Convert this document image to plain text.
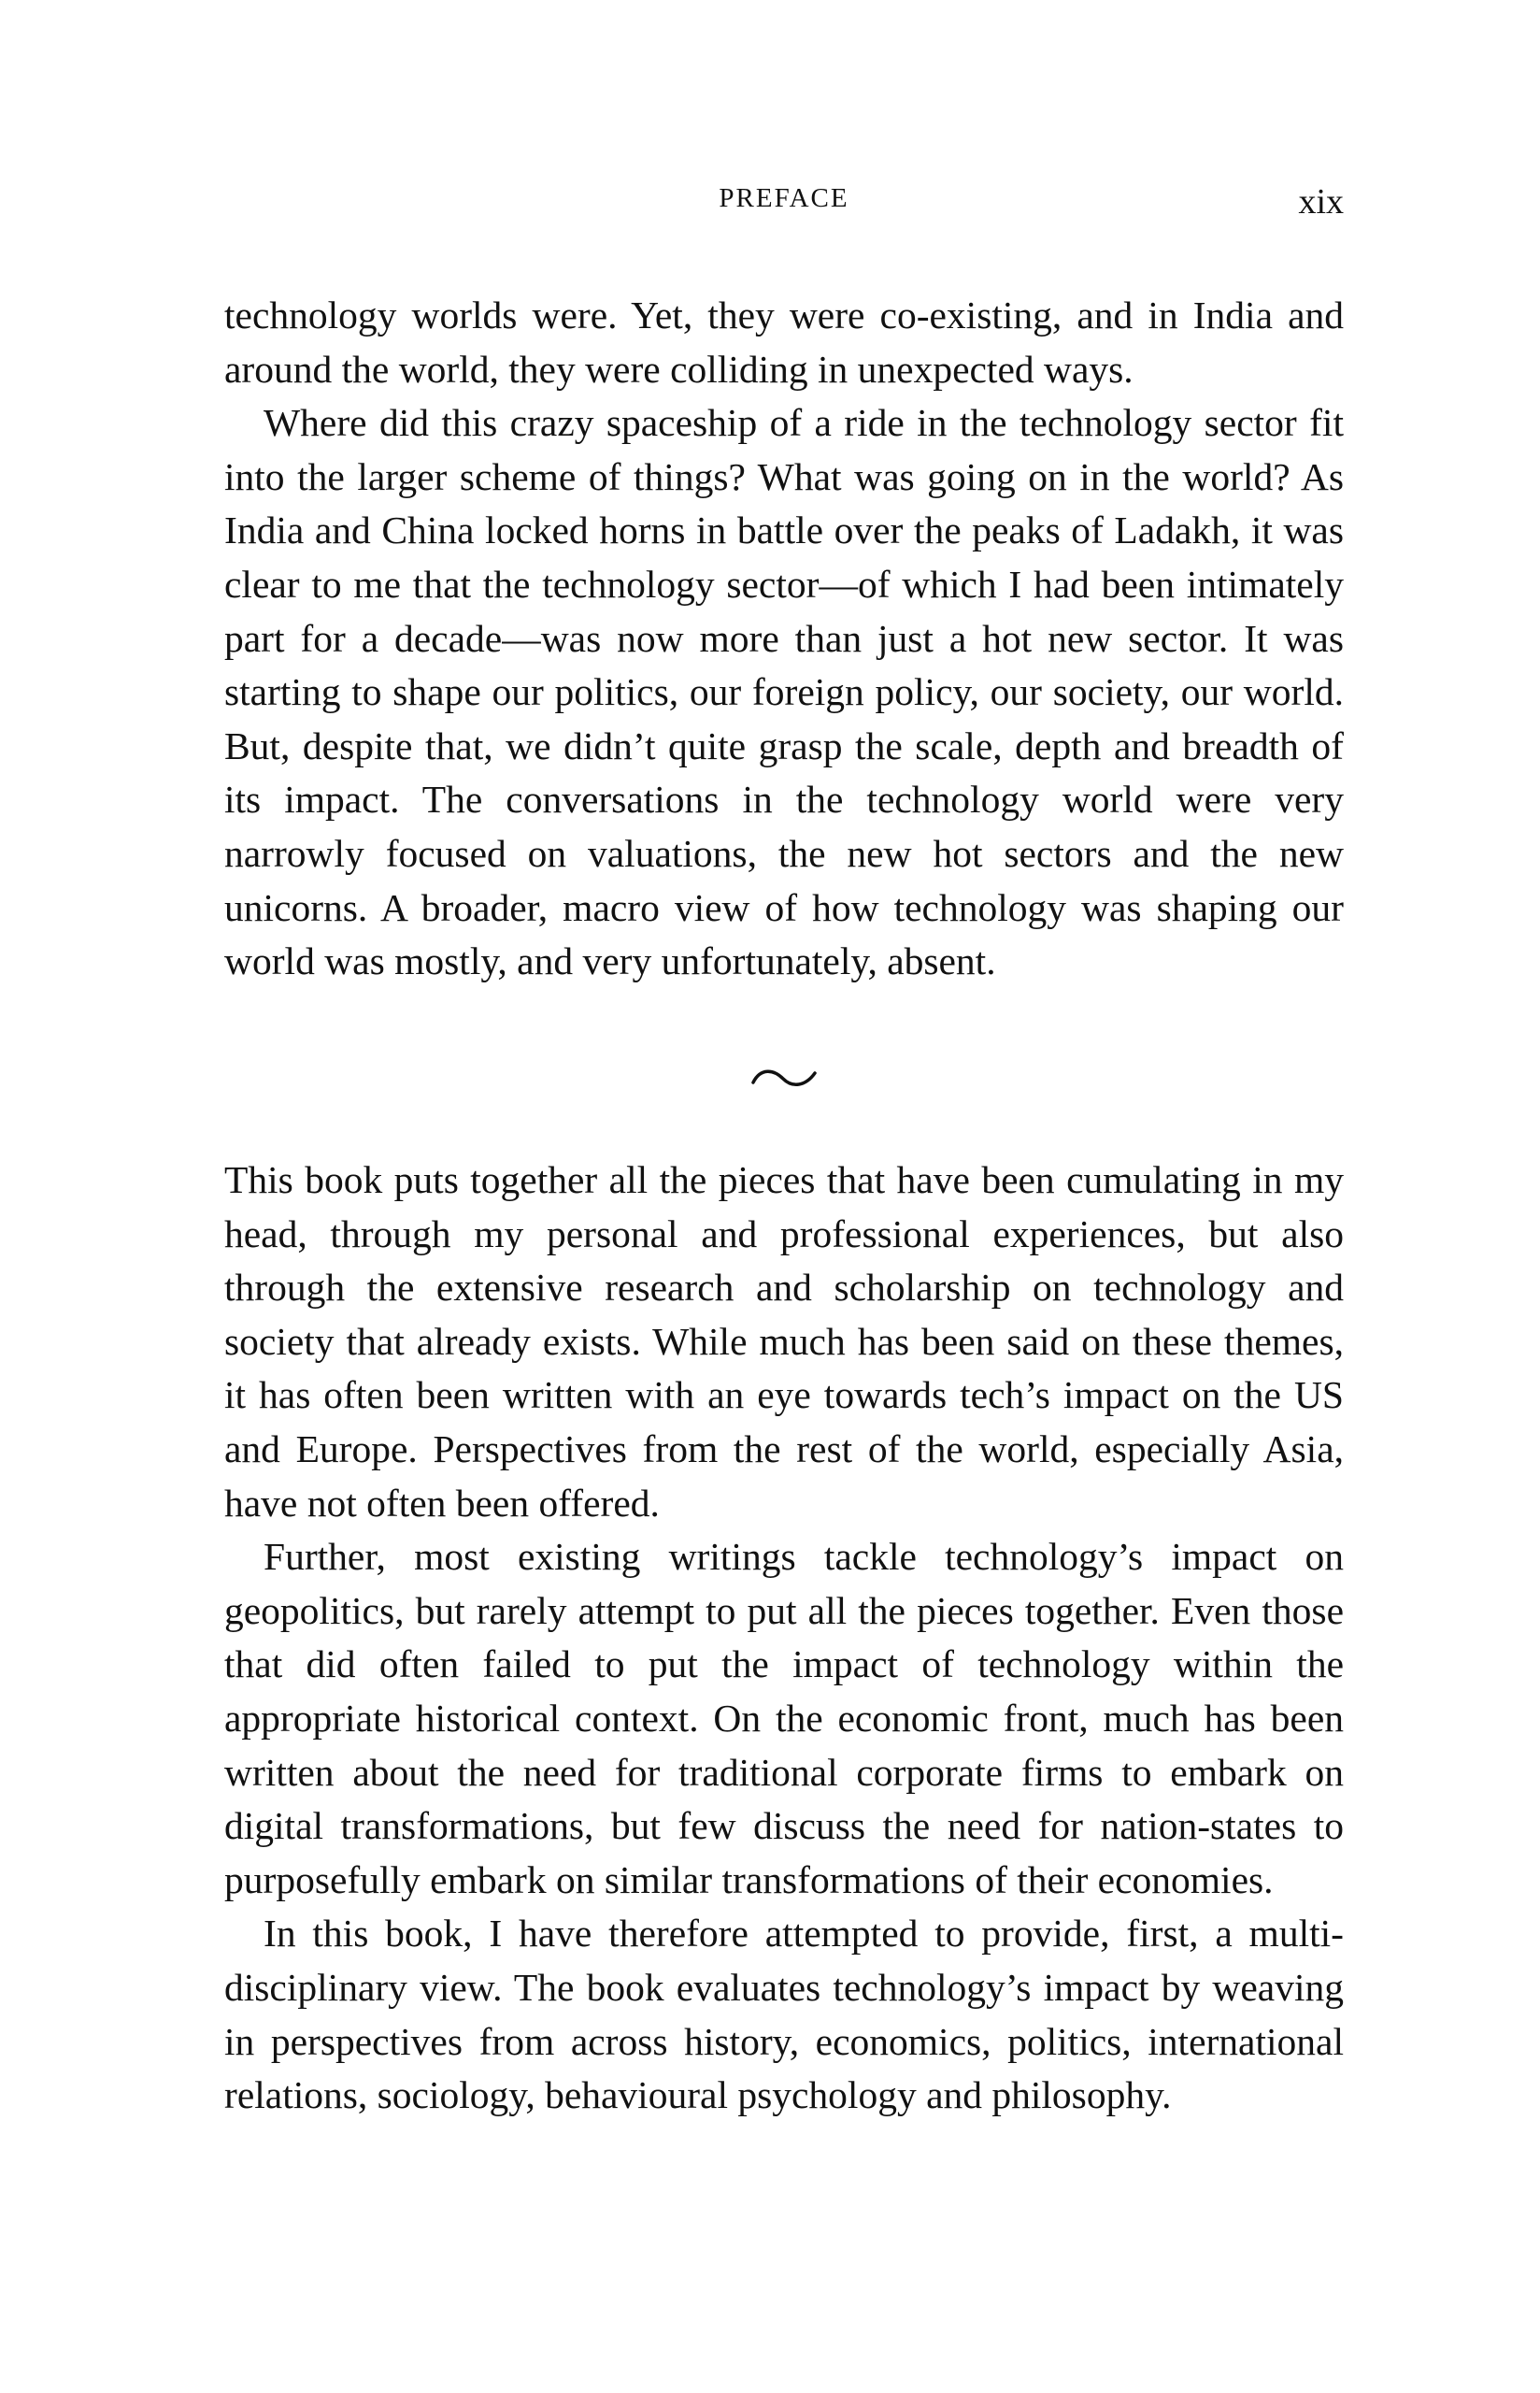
PREFACE	xix

technology worlds were. Yet, they were co-existing, and in India and around the world, they were colliding in unexpected ways.

Where did this crazy spaceship of a ride in the technology sector fit into the larger scheme of things? What was going on in the world? As India and China locked horns in battle over the peaks of Ladakh, it was clear to me that the technology sector—of which I had been intimately part for a decade—was now more than just a hot new sector. It was starting to shape our politics, our foreign policy, our society, our world. But, despite that, we didn’t quite grasp the scale, depth and breadth of its impact. The conversations in the technology world were very narrowly focused on valuations, the new hot sectors and the new unicorns. A broader, macro view of how technology was shaping our world was mostly, and very unfortunately, absent.

This book puts together all the pieces that have been cumulating in my head, through my personal and professional experiences, but also through the extensive research and scholarship on technology and society that already exists. While much has been said on these themes, it has often been written with an eye towards tech’s impact on the US and Europe. Perspectives from the rest of the world, especially Asia, have not often been offered.

Further, most existing writings tackle technology’s impact on geopolitics, but rarely attempt to put all the pieces together. Even those that did often failed to put the impact of technology within the appropriate historical context. On the economic front, much has been written about the need for traditional corporate firms to embark on digital transformations, but few discuss the need for nation-states to purposefully embark on similar transformations of their economies.

In this book, I have therefore attempted to provide, first, a multi-disciplinary view. The book evaluates technology’s impact by weaving in perspectives from across history, economics, politics, international relations, sociology, behavioural psychology and philosophy.
